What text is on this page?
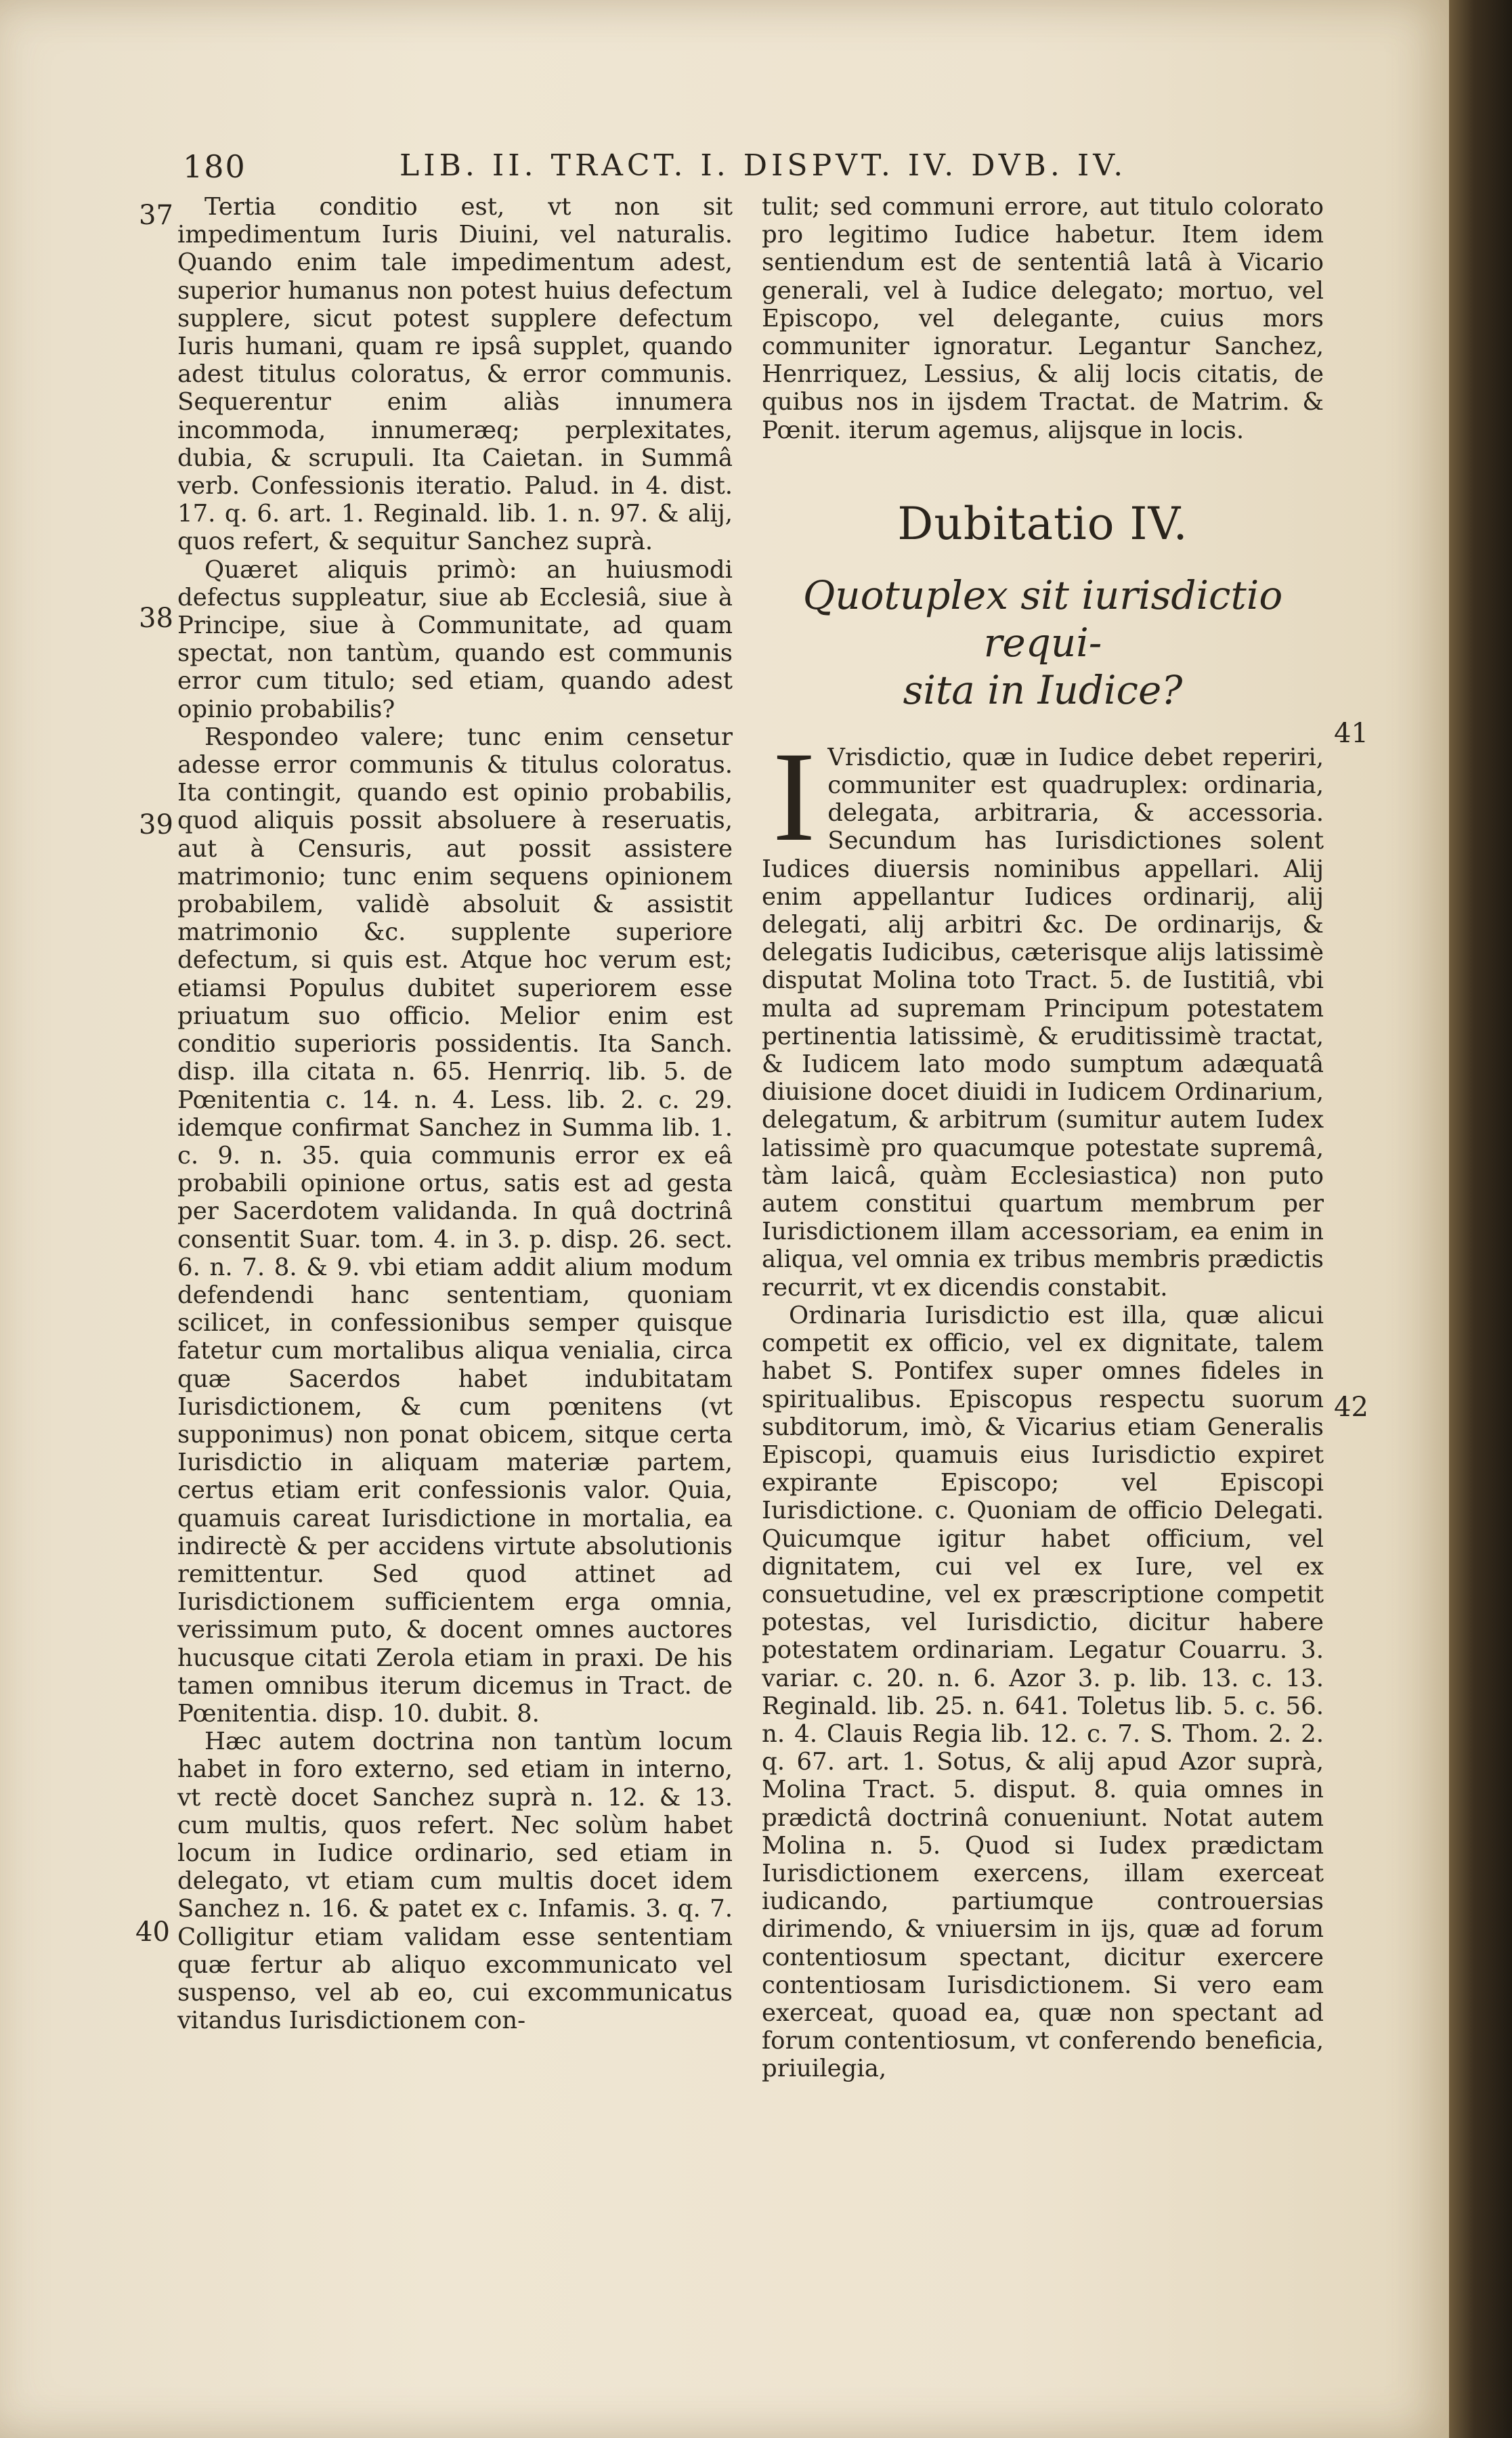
180	LIB. II. TRACT. I. DISPVT. IV. DVB. IV.
37
38
39
40
41
42

Tertia conditio est, vt non sit impedimentum Iuris Diuini, vel naturalis. Quando enim tale impedimentum adest, superior humanus non potest huius defectum supplere, sicut potest supplere defectum Iuris humani, quam re ipsâ supplet, quando adest titulus coloratus, & error communis. Sequerentur enim aliàs innumera incommoda, innumeræq; perplexitates, dubia, & scrupuli. Ita Caietan. in Summâ verb. Confessionis iteratio. Palud. in 4. dist. 17. q. 6. art. 1. Reginald. lib. 1. n. 97. & alij, quos refert, & sequitur Sanchez suprà.

Quæret aliquis primò: an huiusmodi defectus suppleatur, siue ab Ecclesiâ, siue à Principe, siue à Communitate, ad quam spectat, non tantùm, quando est communis error cum titulo; sed etiam, quando adest opinio probabilis?

Respondeo valere; tunc enim censetur adesse error communis & titulus coloratus. Ita contingit, quando est opinio probabilis, quod aliquis possit absoluere à reseruatis, aut à Censuris, aut possit assistere matrimonio; tunc enim sequens opinionem probabilem, validè absoluit & assistit matrimonio &c. supplente superiore defectum, si quis est. Atque hoc verum est; etiamsi Populus dubitet superiorem esse priuatum suo officio. Melior enim est conditio superioris possidentis. Ita Sanch. disp. illa citata n. 65. Henrriq. lib. 5. de Pœnitentia c. 14. n. 4. Less. lib. 2. c. 29. idemque confirmat Sanchez in Summa lib. 1. c. 9. n. 35. quia communis error ex eâ probabili opinione ortus, satis est ad gesta per Sacerdotem validanda. In quâ doctrinâ consentit Suar. tom. 4. in 3. p. disp. 26. sect. 6. n. 7. 8. & 9. vbi etiam addit alium modum defendendi hanc sententiam, quoniam scilicet, in confessionibus semper quisque fatetur cum mortalibus aliqua venialia, circa quæ Sacerdos habet indubitatam Iurisdictionem, & cum pœnitens (vt supponimus) non ponat obicem, sitque certa Iurisdictio in aliquam materiæ partem, certus etiam erit confessionis valor. Quia, quamuis careat Iurisdictione in mortalia, ea indirectè & per accidens virtute absolutionis remittentur. Sed quod attinet ad Iurisdictionem sufficientem erga omnia, verissimum puto, & docent omnes auctores hucusque citati Zerola etiam in praxi. De his tamen omnibus iterum dicemus in Tract. de Pœnitentia. disp. 10. dubit. 8.

Hæc autem doctrina non tantùm locum habet in foro externo, sed etiam in interno, vt rectè docet Sanchez suprà n. 12. & 13. cum multis, quos refert. Nec solùm habet locum in Iudice ordinario, sed etiam in delegato, vt etiam cum multis docet idem Sanchez n. 16. & patet ex c. Infamis. 3. q. 7. Colligitur etiam validam esse sententiam quæ fertur ab aliquo excommunicato vel suspenso, vel ab eo, cui excommunicatus vitandus Iurisdictionem con-

tulit; sed communi errore, aut titulo colorato pro legitimo Iudice habetur. Item idem sentiendum est de sententiâ latâ à Vicario generali, vel à Iudice delegato; mortuo, vel Episcopo, vel delegante, cuius mors communiter ignoratur. Legantur Sanchez, Henrriquez, Lessius, & alij locis citatis, de quibus nos in ijsdem Tractat. de Matrim. & Pœnit. iterum agemus, alijsque in locis.

Dubitatio IV.
Quotuplex sit iurisdictio requi-
sita in Iudice?
I Vrisdictio, quæ in Iudice debet reperiri, communiter est quadruplex: ordinaria, delegata, arbitraria, & accessoria. Secundum has Iurisdictiones solent Iudices diuersis nominibus appellari. Alij enim appellantur Iudices ordinarij, alij delegati, alij arbitri &c. De ordinarijs, & delegatis Iudicibus, cæterisque alijs latissimè disputat Molina toto Tract. 5. de Iustitiâ, vbi multa ad supremam Principum potestatem pertinentia latissimè, & eruditissimè tractat, & Iudicem lato modo sumptum adæquatâ diuisione docet diuidi in Iudicem Ordinarium, delegatum, & arbitrum (sumitur autem Iudex latissimè pro quacumque potestate supremâ, tàm laicâ, quàm Ecclesiastica) non puto autem constitui quartum membrum per Iurisdictionem illam accessoriam, ea enim in aliqua, vel omnia ex tribus membris prædictis recurrit, vt ex dicendis constabit.

Ordinaria Iurisdictio est illa, quæ alicui competit ex officio, vel ex dignitate, talem habet S. Pontifex super omnes fideles in spiritualibus. Episcopus respectu suorum subditorum, imò, & Vicarius etiam Generalis Episcopi, quamuis eius Iurisdictio expiret expirante Episcopo; vel Episcopi Iurisdictione. c. Quoniam de officio Delegati. Quicumque igitur habet officium, vel dignitatem, cui vel ex Iure, vel ex consuetudine, vel ex præscriptione competit potestas, vel Iurisdictio, dicitur habere potestatem ordinariam. Legatur Couarru. 3. variar. c. 20. n. 6. Azor 3. p. lib. 13. c. 13. Reginald. lib. 25. n. 641. Toletus lib. 5. c. 56. n. 4. Clauis Regia lib. 12. c. 7. S. Thom. 2. 2. q. 67. art. 1. Sotus, & alij apud Azor suprà, Molina Tract. 5. disput. 8. quia omnes in prædictâ doctrinâ conueniunt. Notat autem Molina n. 5. Quod si Iudex prædictam Iurisdictionem exercens, illam exerceat iudicando, partiumque controuersias dirimendo, & vniuersim in ijs, quæ ad forum contentiosum spectant, dicitur exercere contentiosam Iurisdictionem. Si vero eam exerceat, quoad ea, quæ non spectant ad forum contentiosum, vt conferendo beneficia, priuilegia,
